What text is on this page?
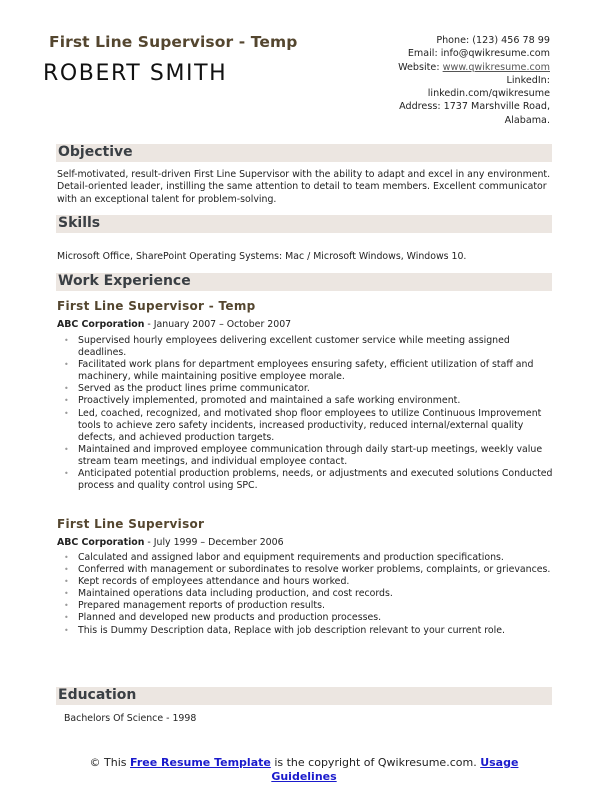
First Line Supervisor - Temp
ROBERT SMITH
Phone: (123) 456 78 99
Email: info@qwikresume.com
Website: www.qwikresume.com
LinkedIn:
linkedin.com/qwikresume
Address: 1737 Marshville Road,
Alabama.
Objective
Self-motivated, result-driven First Line Supervisor with the ability to adapt and excel in any environment. Detail-oriented leader, instilling the same attention to detail to team members. Excellent communicator with an exceptional talent for problem-solving.
Skills
Microsoft Office, SharePoint Operating Systems: Mac / Microsoft Windows, Windows 10.
Work Experience
First Line Supervisor - Temp
ABC Corporation - January 2007 – October 2007
• Supervised hourly employees delivering excellent customer service while meeting assigned deadlines.
• Facilitated work plans for department employees ensuring safety, efficient utilization of staff and machinery, while maintaining positive employee morale.
• Served as the product lines prime communicator.
• Proactively implemented, promoted and maintained a safe working environment.
• Led, coached, recognized, and motivated shop floor employees to utilize Continuous Improvement tools to achieve zero safety incidents, increased productivity, reduced internal/external quality defects, and achieved production targets.
• Maintained and improved employee communication through daily start-up meetings, weekly value stream team meetings, and individual employee contact.
• Anticipated potential production problems, needs, or adjustments and executed solutions Conducted process and quality control using SPC.
First Line Supervisor
ABC Corporation - July 1999 – December 2006
• Calculated and assigned labor and equipment requirements and production specifications.
• Conferred with management or subordinates to resolve worker problems, complaints, or grievances.
• Kept records of employees attendance and hours worked.
• Maintained operations data including production, and cost records.
• Prepared management reports of production results.
• Planned and developed new products and production processes.
• This is Dummy Description data, Replace with job description relevant to your current role.
Education
Bachelors Of Science - 1998
© This Free Resume Template is the copyright of Qwikresume.com. Usage Guidelines
